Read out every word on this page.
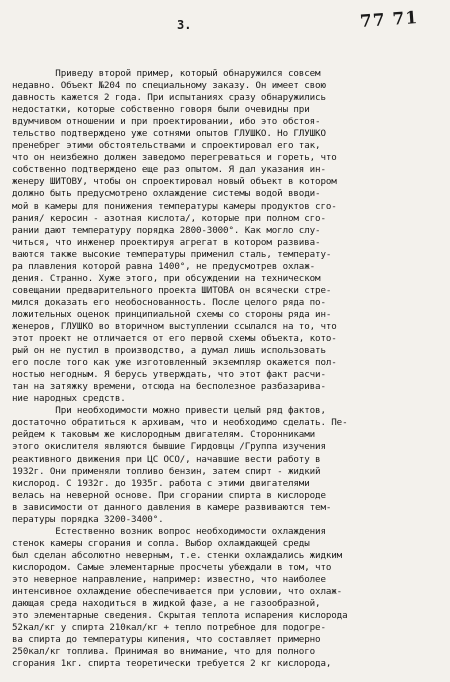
3.	77 71
Приведу второй пример, который обнаружился совсем
недавно. Объект №204 по специальному заказу. Он имеет свою
давность кажется 2 года. При испытаниях сразу обнаружились
недостатки, которые собственно говоря были очевидны при
вдумчивом отношении и при проектировании, ибо это обстоя-
тельство подтверждено уже сотнями опытов ГЛУШКО. Но ГЛУШКО
пренебрег этими обстоятельствами и спроектировал его так,
что он неизбежно должен заведомо перегреваться и гореть, что
собственно подтверждено еще раз опытом. Я дал указания ин-
женеру ШИТОВУ, чтобы он спроектировал новый объект в котором
должно быть предусмотрено охлаждение системы водой вводи-
мой в камеры для понижения температуры камеры продуктов сго-
рания/ керосин - азотная кислота/, которые при полном сго-
рании дают температуру порядка 2800-3000°. Как могло слу-
читься, что инженер проектируя агрегат в котором развива-
ваются также высокие температуры применил сталь, температу-
ра плавления которой равна 1400°, не предусмотрев охлаж-
дения. Странно. Хуже этого, при обсуждении на техническом
совещании предварительного проекта ШИТОВА он всячески стре-
мился доказать его необоснованность. После целого ряда по-
ложительных оценок принципиальной схемы со стороны ряда ин-
женеров, ГЛУШКО во вторичном выступлении ссылался на то, что
этот проект не отличается от его первой схемы объекта, кото-
рый он не пустил в производство, а думал лишь использовать
его после того как уже изготовленный экземпляр окажется пол-
ностью негодным. Я берусь утверждать, что этот факт расчи-
тан на затяжку времени, отсюда на бесполезное разбазарива-
ние народных средств.
При необходимости можно привести целый ряд фактов,
достаточно обратиться к архивам, что и необходимо сделать. Пе-
рейдем к таковым же кислородным двигателям. Сторонниками
этого окислителя являются бывшие Гирдовцы /Группа изучения
реактивного движения при ЦС ОСО/, начавшие вести работу в
1932г. Они применяли топливо бензин, затем спирт - жидкий
кислород. С 1932г. до 1935г. работа с этими двигателями
велась на неверной основе. При сгорании спирта в кислороде
в зависимости от данного давления в камере развиваются тем-
пературы порядка 3200-3400°.
Естественно возник вопрос необходимости охлаждения
стенок камеры сгорания и сопла. Выбор охлаждающей среды
был сделан абсолютно неверным, т.е. стенки охлаждались жидким
кислородом. Самые элементарные просчеты убеждали в том, что
это неверное направление, например: известно, что наиболее
интенсивное охлаждение обеспечивается при условии, что охлаж-
дающая среда находиться в жидкой фазе, а не газообразной,
это элементарные сведения. Скрытая теплота испарения кислорода
52кал/кг у спирта 210кал/кг + тепло потребное для подогре-
ва спирта до температуры кипения, что составляет примерно
250кал/кг топлива. Принимая во внимание, что для полного
сгорания 1кг. спирта теоретически требуется 2 кг кислорода,
